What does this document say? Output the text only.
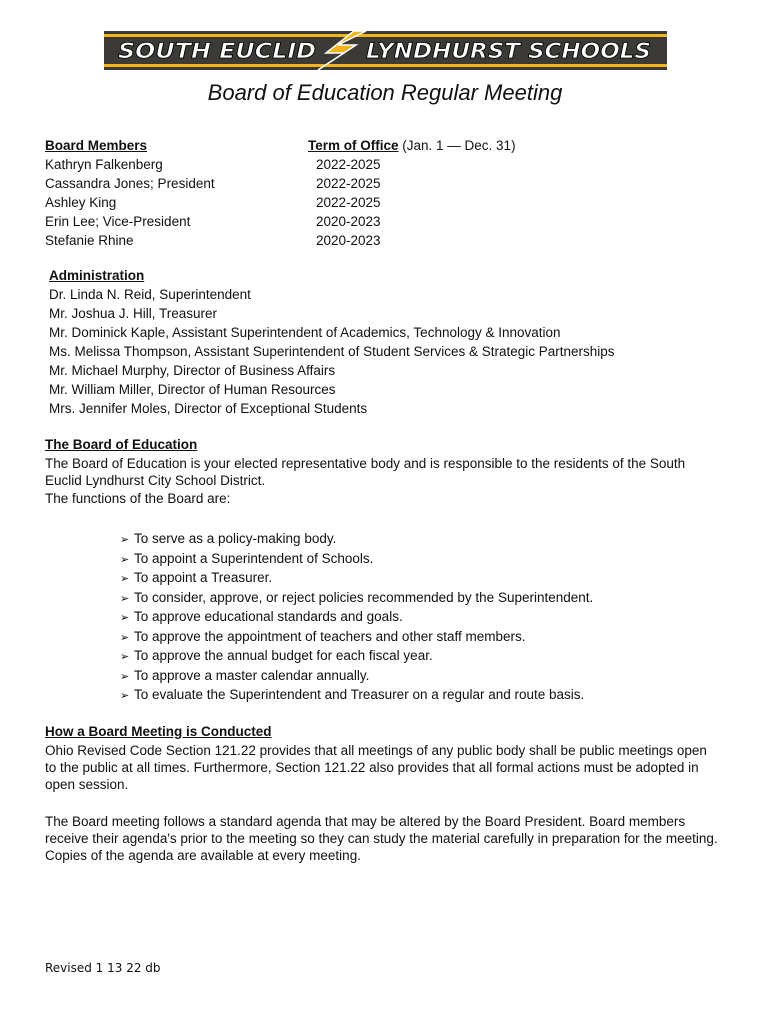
SOUTH EUCLID LYNDHURST SCHOOLS
Board of Education Regular Meeting
Board Members
Kathryn Falkenberg
Cassandra Jones; President
Ashley King
Erin Lee; Vice-President
Stefanie Rhine
Term of Office (Jan. 1 — Dec. 31)
2022-2025
2022-2025
2022-2025
2020-2023
2020-2023
Administration
Dr. Linda N. Reid, Superintendent
Mr. Joshua J. Hill, Treasurer
Mr. Dominick Kaple, Assistant Superintendent of Academics, Technology & Innovation
Ms. Melissa Thompson, Assistant Superintendent of Student Services & Strategic Partnerships
Mr. Michael Murphy, Director of Business Affairs
Mr. William Miller, Director of Human Resources
Mrs. Jennifer Moles, Director of Exceptional Students
The Board of Education
The Board of Education is your elected representative body and is responsible to the residents of the South
Euclid Lyndhurst City School District.
The functions of the Board are:
➢ To serve as a policy-making body.
➢ To appoint a Superintendent of Schools.
➢ To appoint a Treasurer.
➢ To consider, approve, or reject policies recommended by the Superintendent.
➢ To approve educational standards and goals.
➢ To approve the appointment of teachers and other staff members.
➢ To approve the annual budget for each fiscal year.
➢ To approve a master calendar annually.
➢ To evaluate the Superintendent and Treasurer on a regular and route basis.
How a Board Meeting is Conducted
Ohio Revised Code Section 121.22 provides that all meetings of any public body shall be public meetings open
to the public at all times. Furthermore, Section 121.22 also provides that all formal actions must be adopted in
open session.
The Board meeting follows a standard agenda that may be altered by the Board President. Board members
receive their agenda's prior to the meeting so they can study the material carefully in preparation for the meeting.
Copies of the agenda are available at every meeting.
Revised 1 13 22 db
